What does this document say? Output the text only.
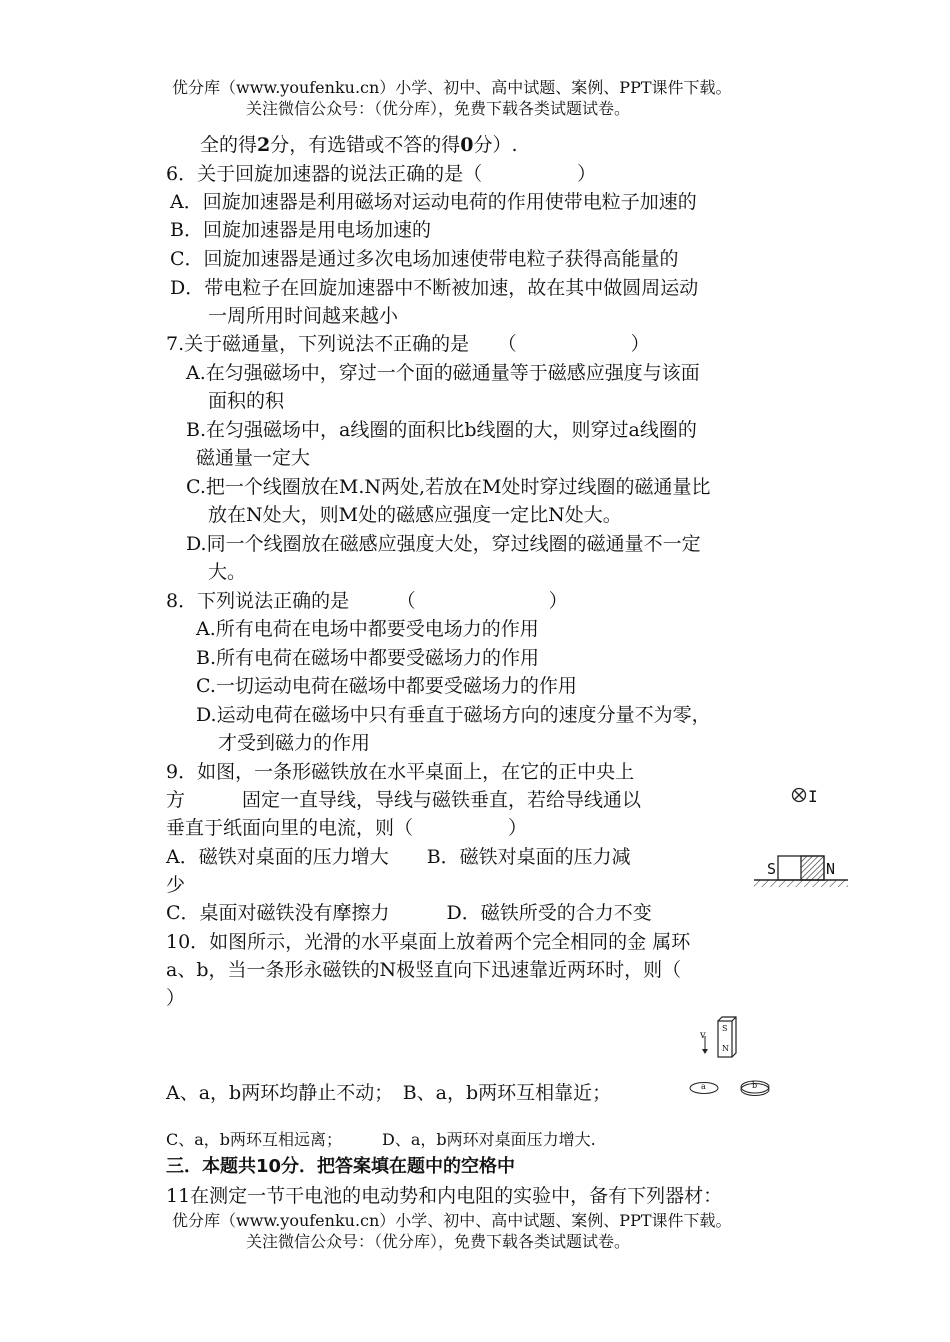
优分库（www.youfenku.cn）小学、初中、高中试题、案例、PPT课件下载。
关注微信公众号：（优分库），免费下载各类试题试卷。
全的得2分，有选错或不答的得0分）.
6．关于回旋加速器的说法正确的是（　　　　　）
A．回旋加速器是利用磁场对运动电荷的作用使带电粒子加速的
B．回旋加速器是用电场加速的
C．回旋加速器是通过多次电场加速使带电粒子获得高能量的
D．带电粒子在回旋加速器中不断被加速，故在其中做圆周运动
一周所用时间越来越小
7.关于磁通量，下列说法不正确的是　　（　　　　　　）
A.在匀强磁场中，穿过一个面的磁通量等于磁感应强度与该面
面积的积
B.在匀强磁场中，a线圈的面积比b线圈的大，则穿过a线圈的
磁通量一定大
C.把一个线圈放在M.N两处,若放在M处时穿过线圈的磁通量比
放在N处大，则M处的磁感应强度一定比N处大。
D.同一个线圈放在磁感应强度大处，穿过线圈的磁通量不一定
大。
8．下列说法正确的是　　　（　　　　　　　）
A.所有电荷在电场中都要受电场力的作用
B.所有电荷在磁场中都要受磁场力的作用
C.一切运动电荷在磁场中都要受磁场力的作用
D.运动电荷在磁场中只有垂直于磁场方向的速度分量不为零，
才受到磁力的作用
9．如图，一条形磁铁放在水平桌面上，在它的正中央上
方　　　固定一直导线，导线与磁铁垂直，若给导线通以
垂直于纸面向里的电流，则（　　　　　）
A．磁铁对桌面的压力增大　　B．磁铁对桌面的压力减
少
C．桌面对磁铁没有摩擦力　　　D．磁铁所受的合力不变
I
S	N
10．如图所示，光滑的水平桌面上放着两个完全相同的金 属环
a、b，当一条形永磁铁的N极竖直向下迅速靠近两环时，则（
）
v
S
N
A、a，b两环均静止不动；　B、a，b两环互相靠近；	a	b
C、a，b两环互相远离；　　　D、a，b两环对桌面压力增大.
三．本题共10分．把答案填在题中的空格中
11在测定一节干电池的电动势和内电阻的实验中，备有下列器材：
优分库（www.youfenku.cn）小学、初中、高中试题、案例、PPT课件下载。
关注微信公众号：（优分库），免费下载各类试题试卷。
